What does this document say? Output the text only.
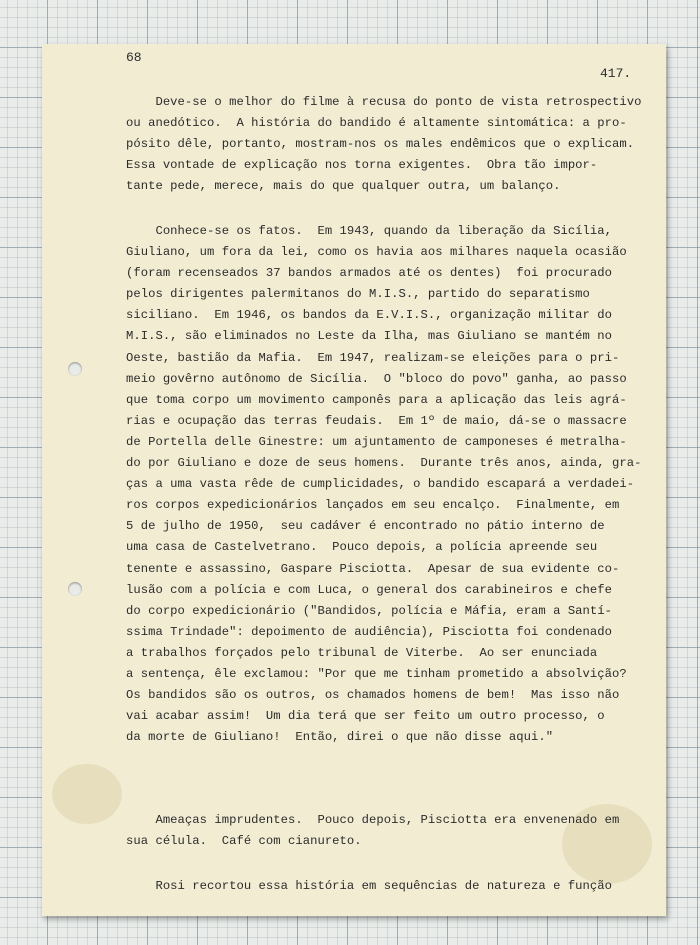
68
417.
Deve-se o melhor do filme à recusa do ponto de vista retrospectivo
ou anedótico.  A história do bandido é altamente sintomática: a pro-
pósito dêle, portanto, mostram-nos os males endêmicos que o explicam.
Essa vontade de explicação nos torna exigentes.  Obra tão impor-
tante pede, merece, mais do que qualquer outra, um balanço.
Conhece-se os fatos.  Em 1943, quando da liberação da Sicília,
Giuliano, um fora da lei, como os havia aos milhares naquela ocasião
(foram recenseados 37 bandos armados até os dentes)  foi procurado
pelos dirigentes palermitanos do M.I.S., partido do separatismo
siciliano.  Em 1946, os bandos da E.V.I.S., organização militar do
M.I.S., são eliminados no Leste da Ilha, mas Giuliano se mantém no
Oeste, bastião da Mafia.  Em 1947, realizam-se eleições para o pri-
meio govêrno autônomo de Sicília.  O "bloco do povo" ganha, ao passo
que toma corpo um movimento camponês para a aplicação das leis agrá-
rias e ocupação das terras feudais.  Em 1º de maio, dá-se o massacre
de Portella delle Ginestre: um ajuntamento de camponeses é metralha-
do por Giuliano e doze de seus homens.  Durante três anos, ainda, gra-
ças a uma vasta rêde de cumplicidades, o bandido escapará a verdadei-
ros corpos expedicionários lançados em seu encalço.  Finalmente, em
5 de julho de 1950,  seu cadáver é encontrado no pátio interno de
uma casa de Castelvetrano.  Pouco depois, a polícia apreende seu
tenente e assassino, Gaspare Pisciotta.  Apesar de sua evidente co-
lusão com a polícia e com Luca, o general dos carabineiros e chefe
do corpo expedicionário ("Bandidos, polícia e Máfia, eram a Santí-
ssima Trindade": depoimento de audiência), Pisciotta foi condenado
a trabalhos forçados pelo tribunal de Viterbe.  Ao ser enunciada
a sentença, êle exclamou: "Por que me tinham prometido a absolvição?
Os bandidos são os outros, os chamados homens de bem!  Mas isso não
vai acabar assim!  Um dia terá que ser feito um outro processo, o
da morte de Giuliano!  Então, direi o que não disse aqui."
Ameaças imprudentes.  Pouco depois, Pisciotta era envenenado em
sua célula.  Café com cianureto.
Rosi recortou essa história em sequências de natureza e função
